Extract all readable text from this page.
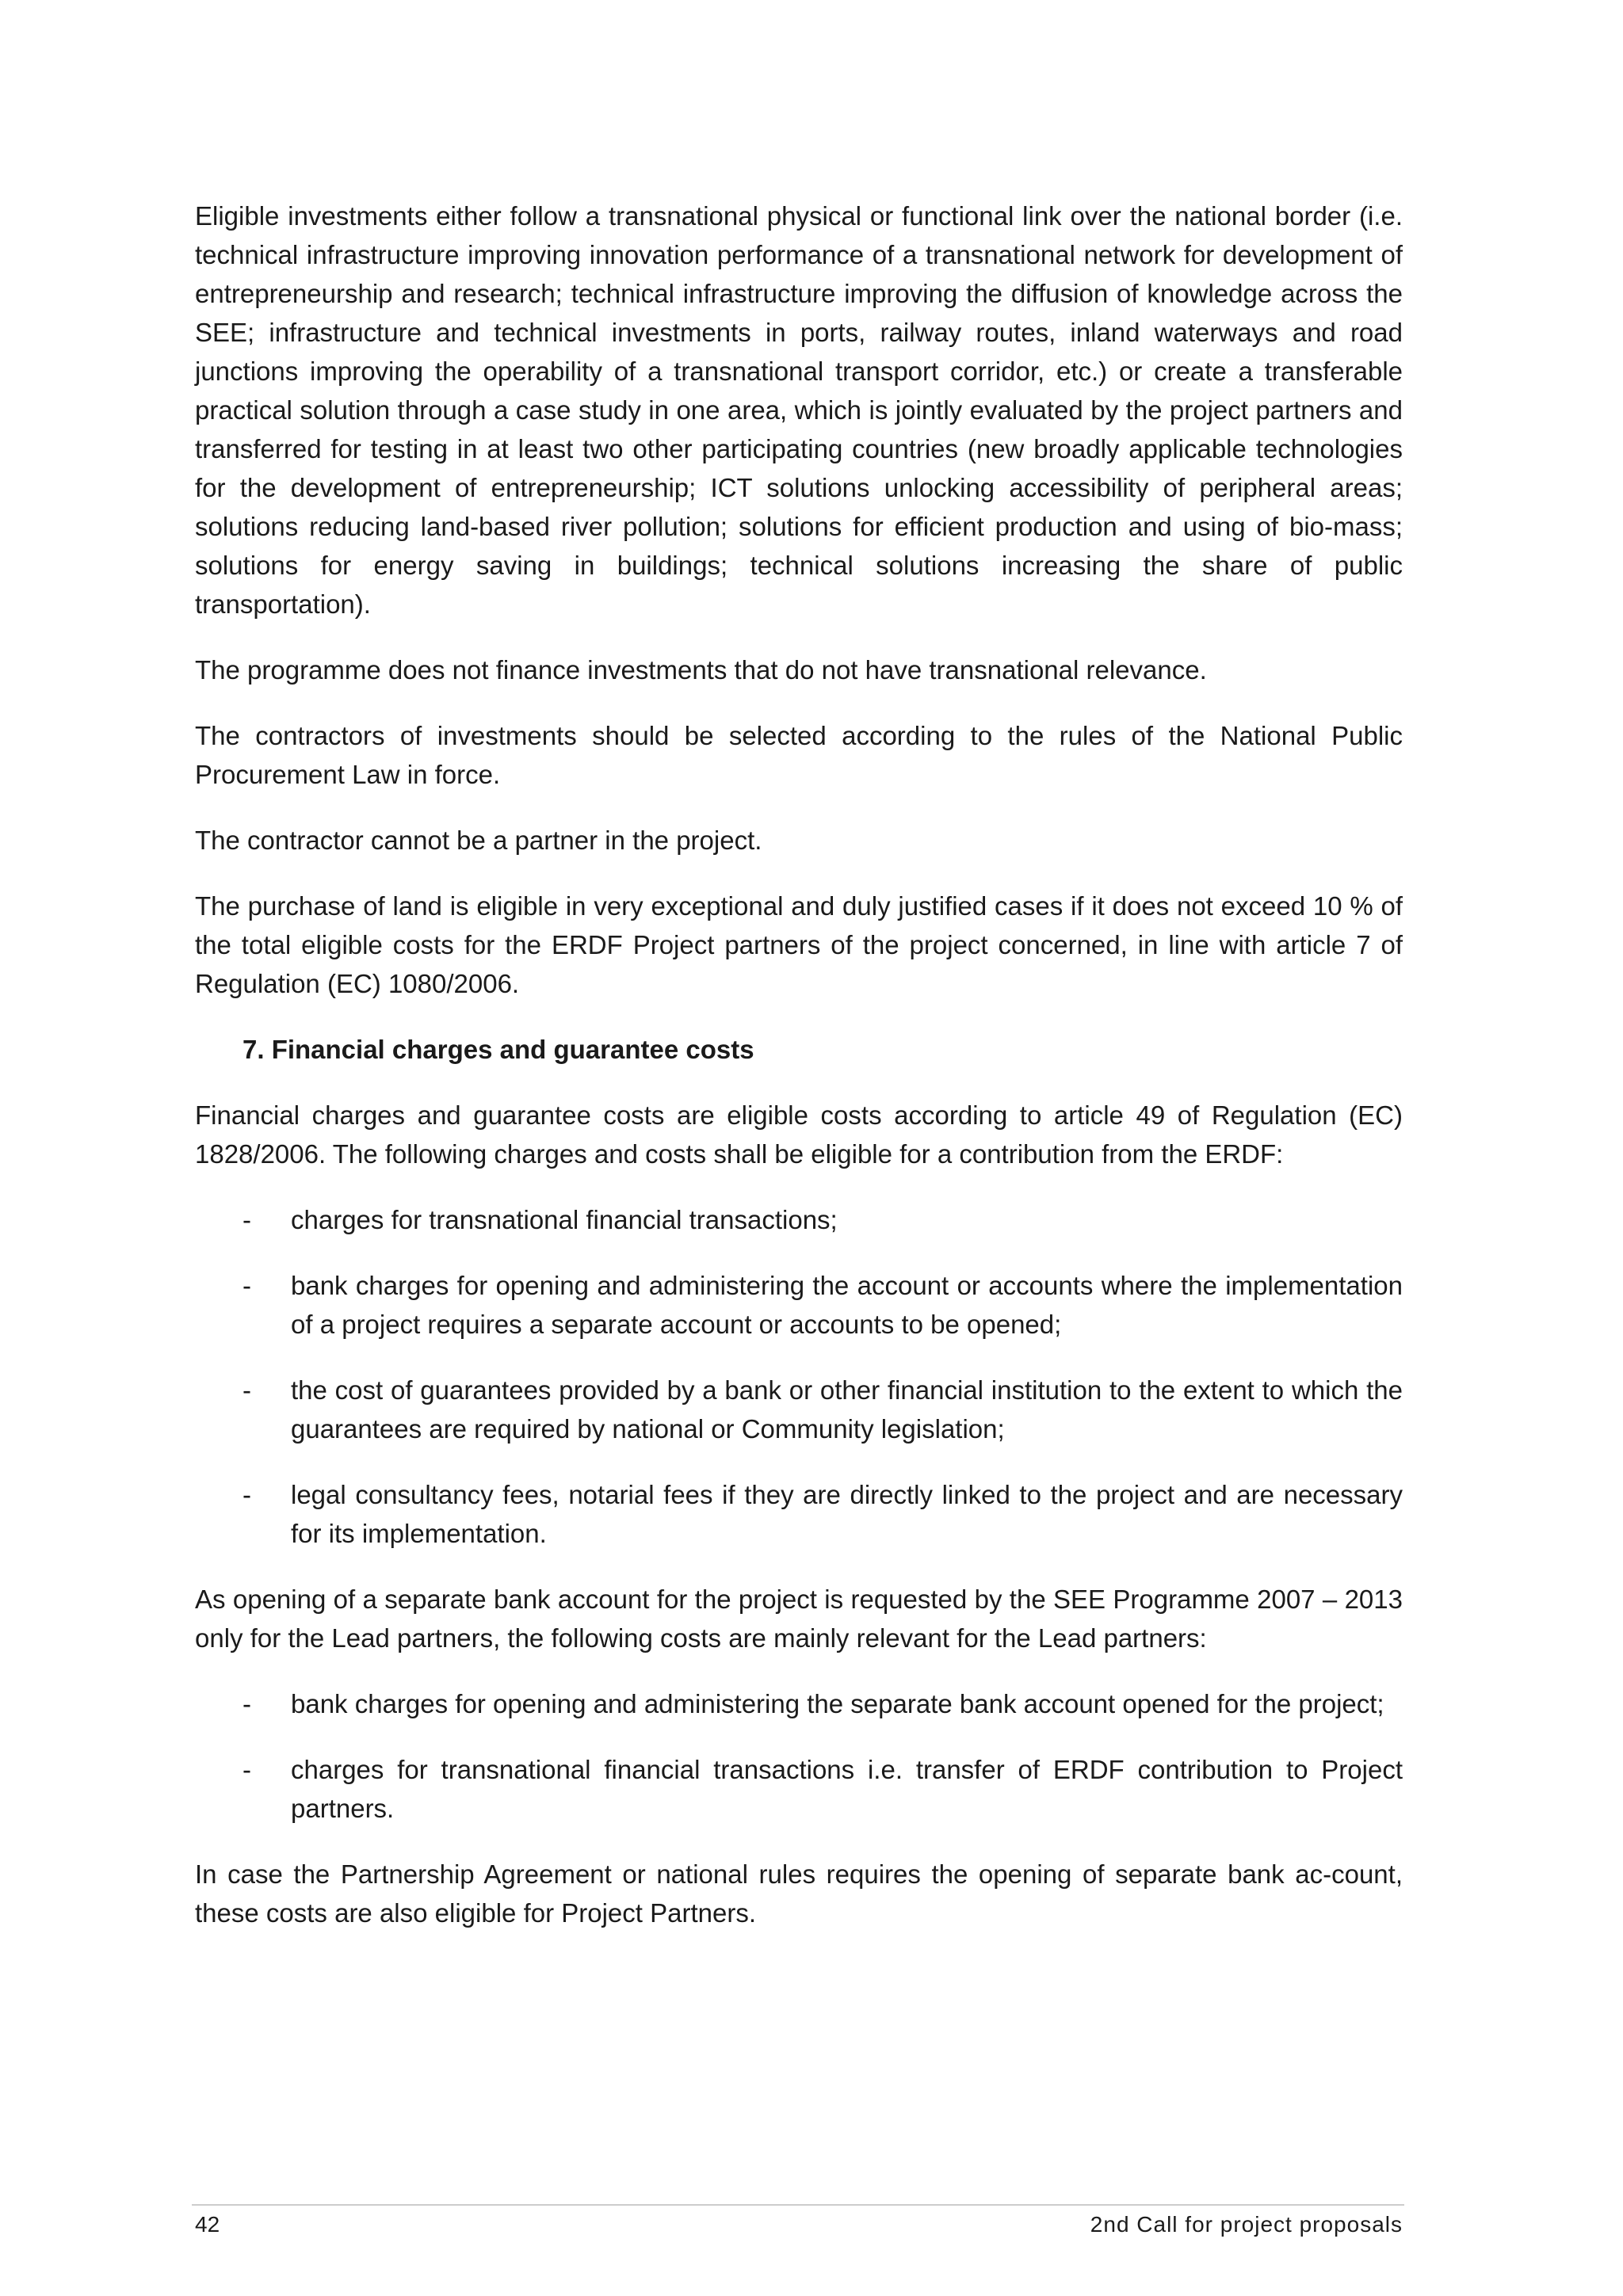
Eligible investments either follow a transnational physical or functional link over the national border (i.e. technical infrastructure improving innovation performance of a transnational network for development of entrepreneurship and research; technical infrastructure improving the diffusion of knowledge across the SEE; infrastructure and technical investments in ports, railway routes, inland waterways and road junctions improving the operability of a transnational transport corridor, etc.) or create a transferable practical solution through a case study in one area, which is jointly evaluated by the project partners and transferred for testing in at least two other participating countries (new broadly applicable technologies for the development of entrepreneurship; ICT solutions unlocking accessibility of peripheral areas; solutions reducing land-based river pollution; solutions for efficient production and using of bio-mass; solutions for energy saving in buildings; technical solutions increasing the share of public transportation).

The programme does not finance investments that do not have transnational relevance.

The contractors of investments should be selected according to the rules of the National Public Procurement Law in force.

The contractor cannot be a partner in the project.

The purchase of land is eligible in very exceptional and duly justified cases if it does not exceed 10 % of the total eligible costs for the ERDF Project partners of the project concerned, in line with article 7 of Regulation (EC) 1080/2006.

7. Financial charges and guarantee costs

Financial charges and guarantee costs are eligible costs according to article 49 of Regulation (EC) 1828/2006. The following charges and costs shall be eligible for a contribution from the ERDF:

-	charges for transnational financial transactions;
-	bank charges for opening and administering the account or accounts where the implementation of a project requires a separate account or accounts to be opened;
-	the cost of guarantees provided by a bank or other financial institution to the extent to which the guarantees are required by national or Community legislation;
-	legal consultancy fees, notarial fees if they are directly linked to the project and are necessary for its implementation.

As opening of a separate bank account for the project is requested by the SEE Programme 2007 – 2013 only for the Lead partners, the following costs are mainly relevant for the Lead partners:

-	bank charges for opening and administering the separate bank account opened for the project;
-	charges for transnational financial transactions i.e. transfer of ERDF contribution to Project partners.

In case the Partnership Agreement or national rules requires the opening of separate bank ac-count, these costs are also eligible for Project Partners.

42	2nd Call for project proposals
